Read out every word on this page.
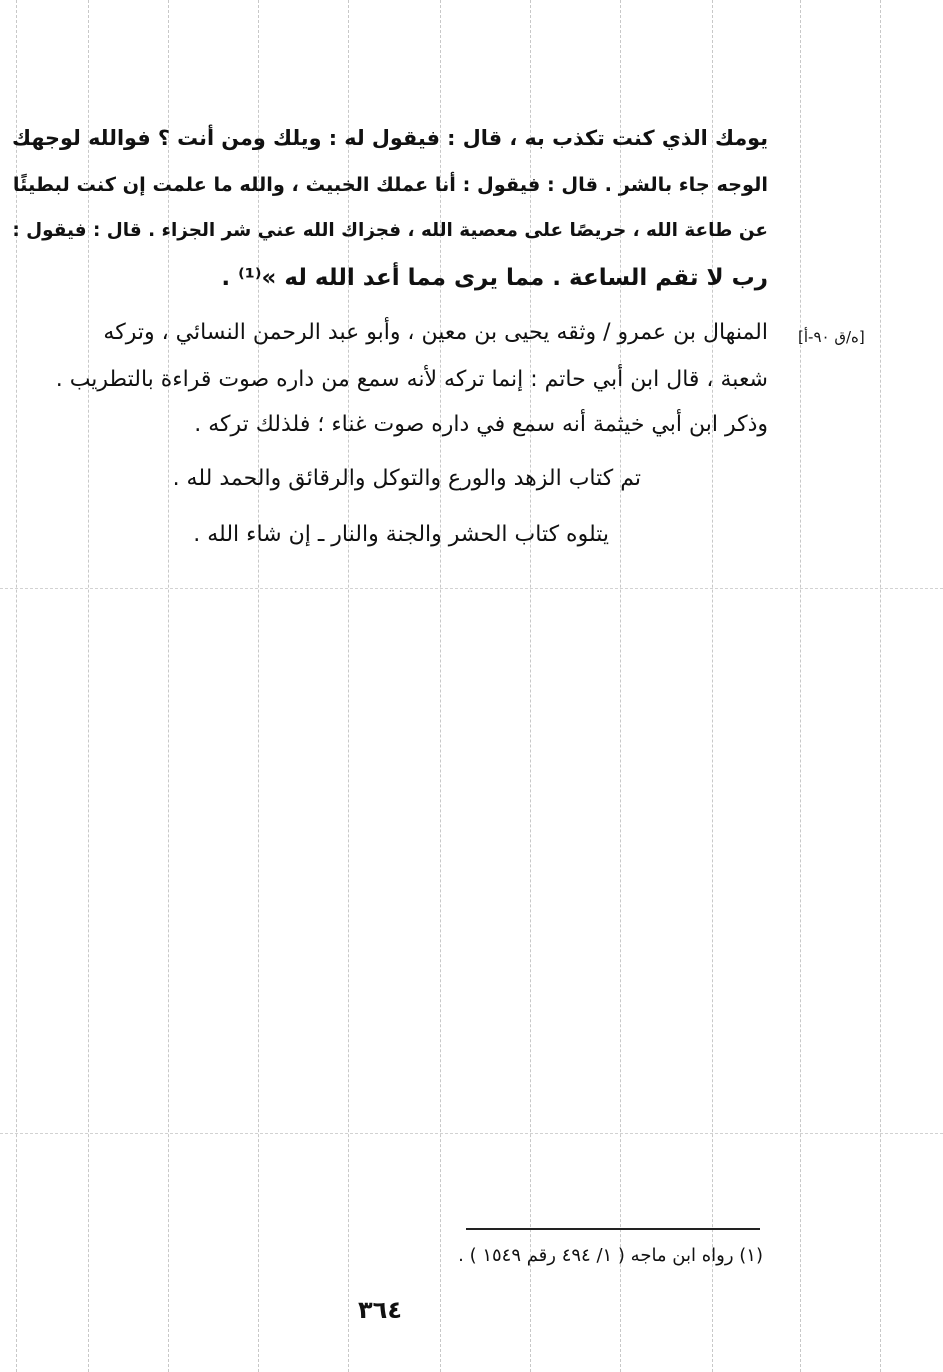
يومك الذي كنت تكذب به ، قال : فيقول له : ويلك ومن أنت ؟ فوالله لوجهك
الوجه جاء بالشر . قال : فيقول : أنا عملك الخبيث ، والله ما علمت إن كنت لبطيئًا
عن طاعة الله ، حريصًا على معصية الله ، فجزاك الله عني شر الجزاء . قال : فيقول :
رب لا تقم الساعة . مما يرى مما أعد الله له »⁽¹⁾ .
[ه/ق ٩٠-أ]
المنهال بن عمرو / وثقه يحيى بن معين ، وأبو عبد الرحمن النسائي ، وتركه
شعبة ، قال ابن أبي حاتم : إنما تركه لأنه سمع من داره صوت قراءة بالتطريب .
وذكر ابن أبي خيثمة أنه سمع في داره صوت غناء ؛ فلذلك تركه .
تم كتاب الزهد والورع والتوكل والرقائق والحمد لله .
يتلوه كتاب الحشر والجنة والنار ـ إن شاء الله .
(١) رواه ابن ماجه ( ١/ ٤٩٤ رقم ١٥٤٩ ) .
٣٦٤
